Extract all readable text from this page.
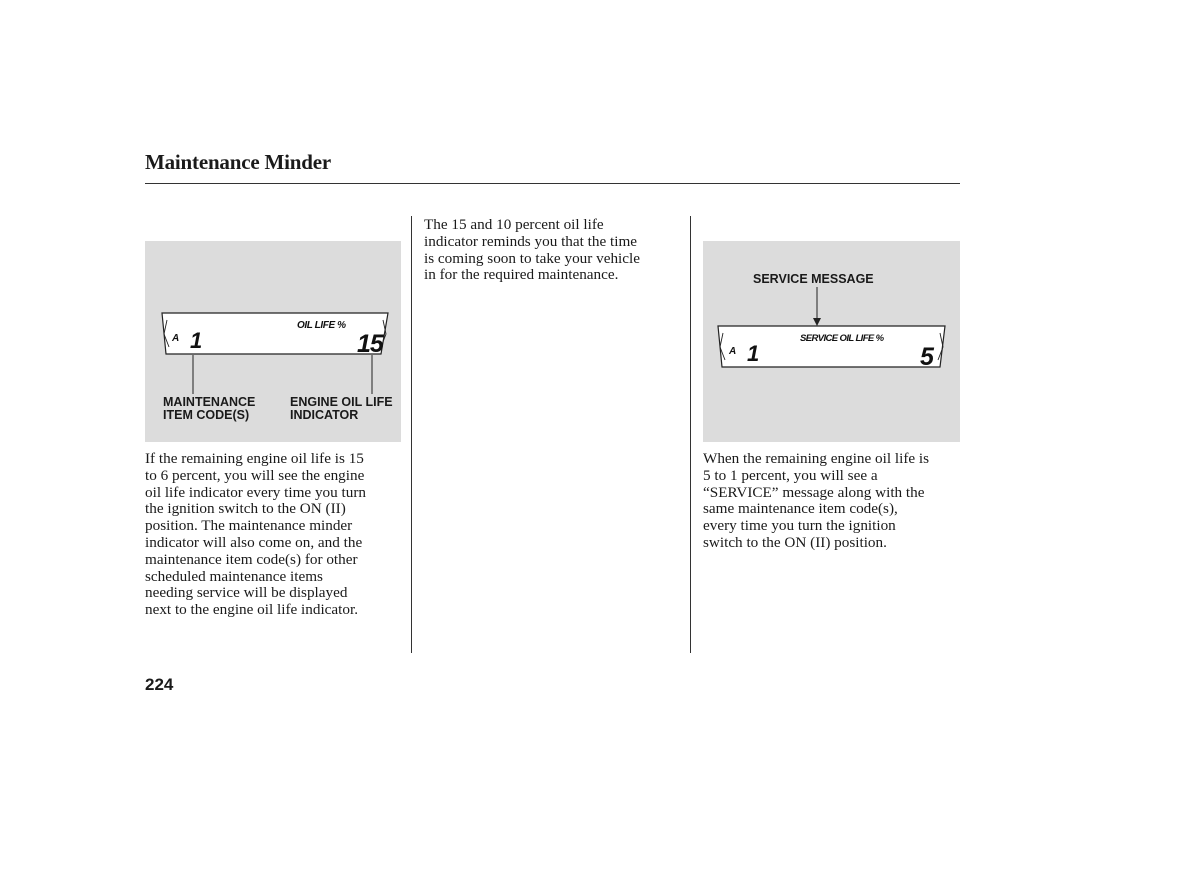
Maintenance Minder
A 1
OIL LIFE %
15
MAINTENANCE
ITEM CODE(S)
ENGINE OIL LIFE
INDICATOR
SERVICE OIL LIFE %
A 1	5
SERVICE MESSAGE
If the remaining engine oil life is 15
to 6 percent, you will see the engine
oil life indicator every time you turn
the ignition switch to the ON (II)
position. The maintenance minder
indicator will also come on, and the
maintenance item code(s) for other
scheduled maintenance items
needing service will be displayed
next to the engine oil life indicator.
The 15 and 10 percent oil life
indicator reminds you that the time
is coming soon to take your vehicle
in for the required maintenance.
When the remaining engine oil life is
5 to 1 percent, you will see a
“SERVICE” message along with the
same maintenance item code(s),
every time you turn the ignition
switch to the ON (II) position.
224
